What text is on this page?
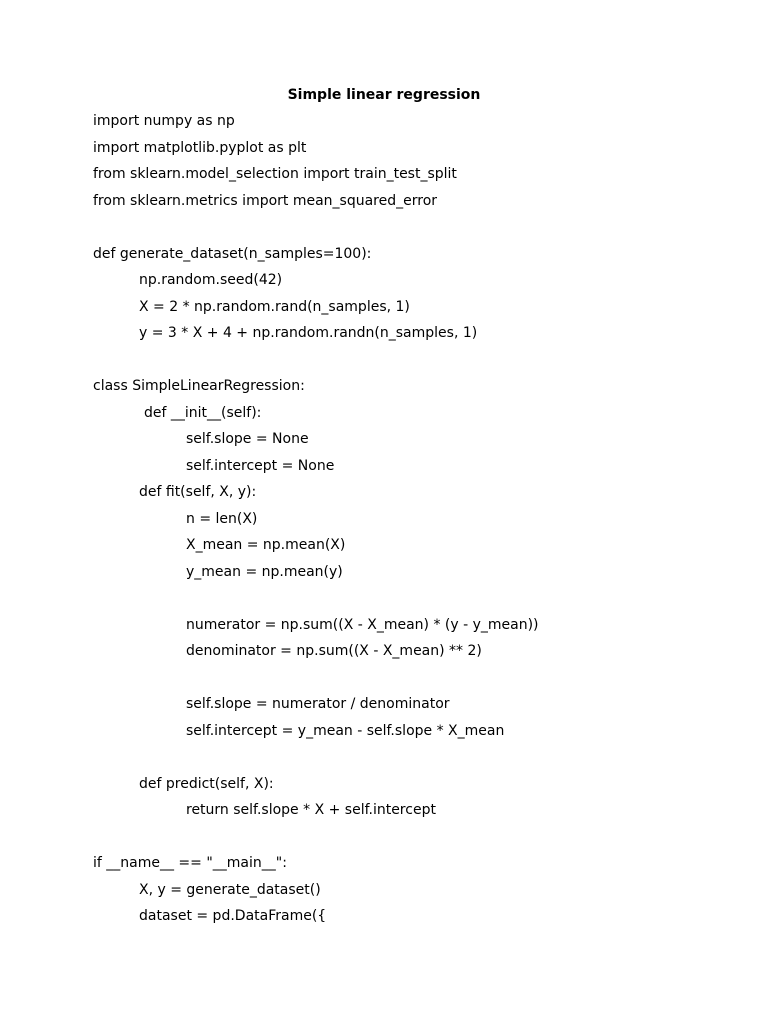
Simple linear regression
import numpy as np
import matplotlib.pyplot as plt
from sklearn.model_selection import train_test_split
from sklearn.metrics import mean_squared_error
def generate_dataset(n_samples=100):
np.random.seed(42)
X = 2 * np.random.rand(n_samples, 1)
y = 3 * X + 4 + np.random.randn(n_samples, 1)
class SimpleLinearRegression:
def __init__(self):
self.slope = None
self.intercept = None
def fit(self, X, y):
n = len(X)
X_mean = np.mean(X)
y_mean = np.mean(y)
numerator = np.sum((X - X_mean) * (y - y_mean))
denominator = np.sum((X - X_mean) ** 2)
self.slope = numerator / denominator
self.intercept = y_mean - self.slope * X_mean
def predict(self, X):
return self.slope * X + self.intercept
if __name__ == "__main__":
X, y = generate_dataset()
dataset = pd.DataFrame({
